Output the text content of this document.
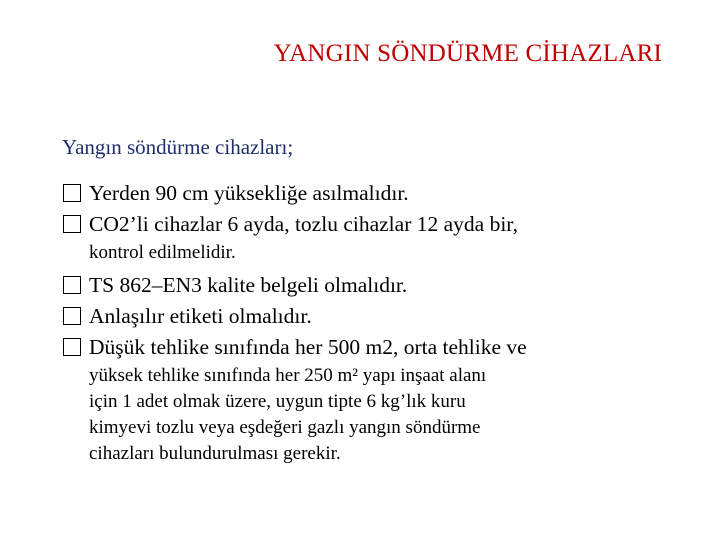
YANGIN SÖNDÜRME CİHAZLARI
Yangın söndürme cihazları;
Yerden 90 cm yüksekliğe asılmalıdır.
CO2’li cihazlar 6 ayda, tozlu cihazlar 12 ayda bir,
kontrol edilmelidir.
TS 862–EN3 kalite belgeli olmalıdır.
Anlaşılır etiketi olmalıdır.
Düşük tehlike sınıfında her 500 m2, orta tehlike ve
yüksek tehlike sınıfında her 250 m² yapı inşaat alanı
için 1 adet olmak üzere, uygun tipte 6 kg’lık kuru
kimyevi tozlu veya eşdeğeri gazlı yangın söndürme
cihazları bulundurulması gerekir.
